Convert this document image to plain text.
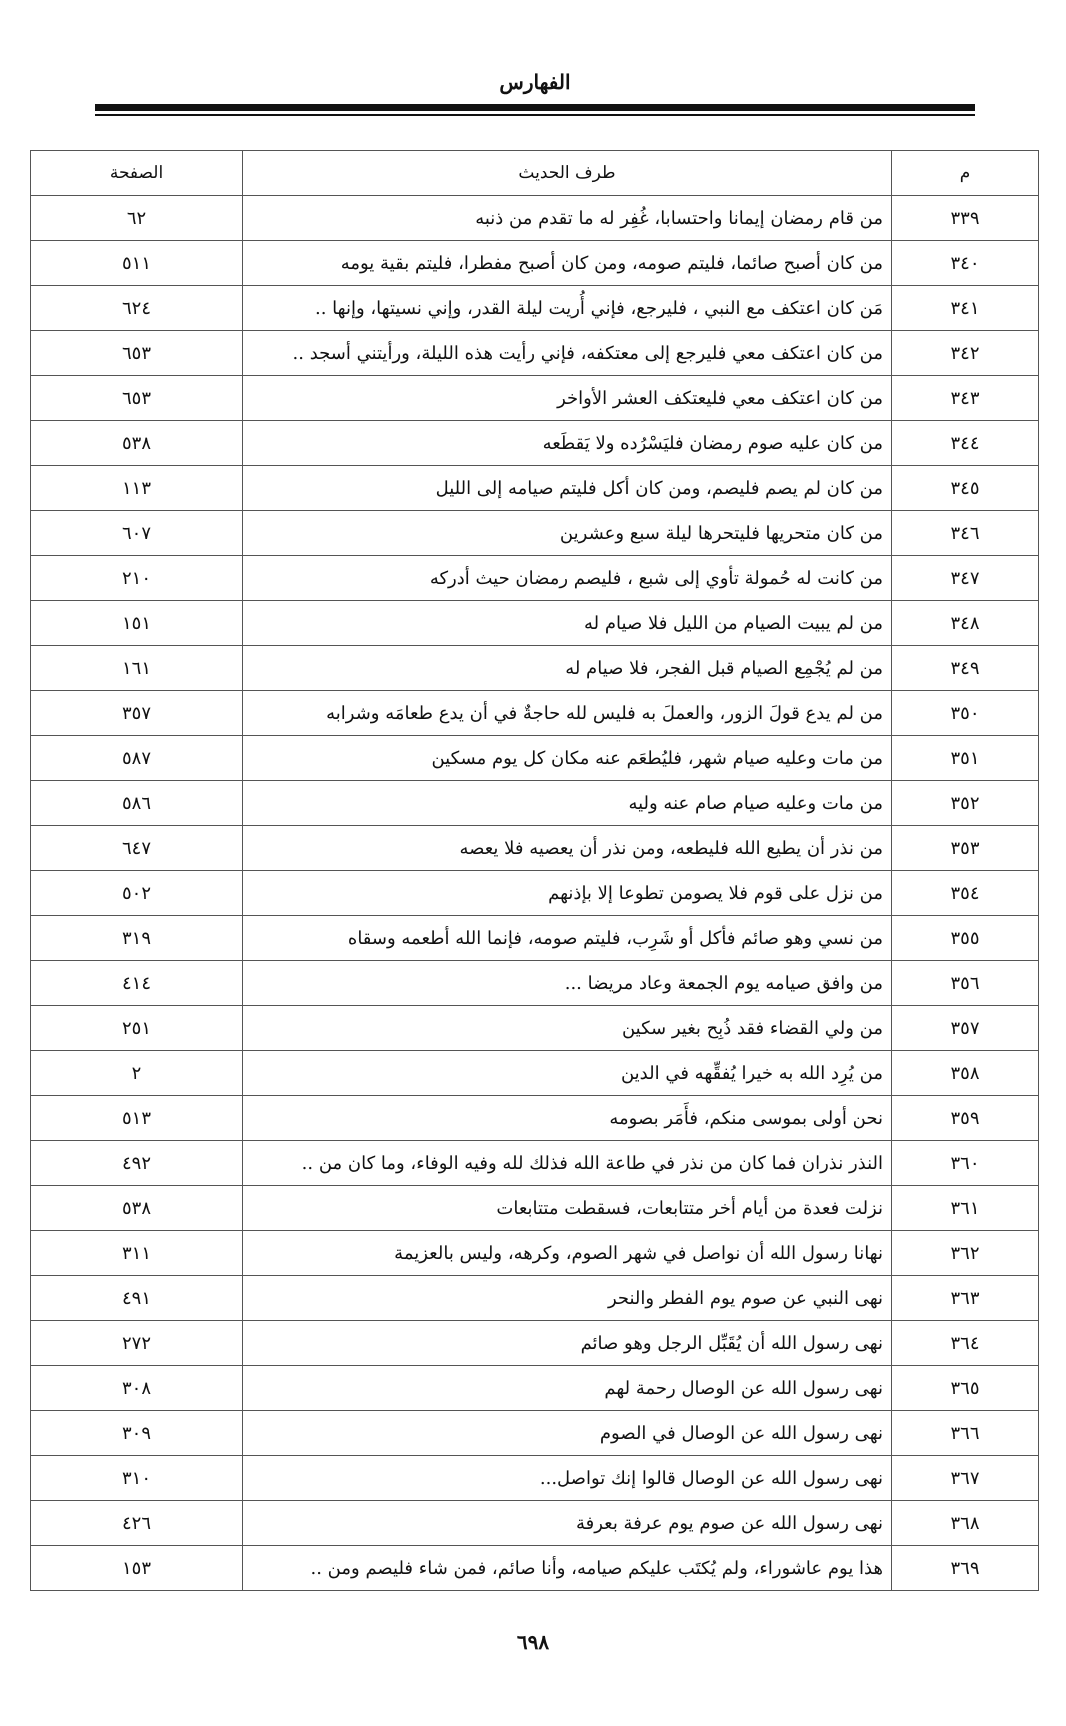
الفهارس
م	طرف الحديث	الصفحة
٣٣٩	من قام رمضان إيمانا واحتسابا، غُفِر له ما تقدم من ذنبه	٦٢
٣٤٠	من كان أصبح صائما، فليتم صومه، ومن كان أصبح مفطرا، فليتم بقية يومه	٥١١
٣٤١	مَن كان اعتكف مع النبي ، فليرجع، فإني أُريت ليلة القدر، وإني نسيتها، وإنها ..	٦٢٤
٣٤٢	من كان اعتكف معي فليرجع إلى معتكفه، فإني رأيت هذه الليلة، ورأيتني أسجد ..	٦٥٣
٣٤٣	من كان اعتكف معي فليعتكف العشر الأواخر	٦٥٣
٣٤٤	من كان عليه صوم رمضان فليَسْرُده ولا يَقطَعه	٥٣٨
٣٤٥	من كان لم يصم فليصم، ومن كان أكل فليتم صيامه إلى الليل	١١٣
٣٤٦	من كان متحريها فليتحرها ليلة سبع وعشرين	٦٠٧
٣٤٧	من كانت له حُمولة تأوي إلى شبع ، فليصم رمضان حيث أدركه	٢١٠
٣٤٨	من لم يبيت الصيام من الليل فلا صيام له	١٥١
٣٤٩	من لم يُجْمِع الصيام قبل الفجر، فلا صيام له	١٦١
٣٥٠	من لم يدع قولَ الزور، والعملَ به فليس لله حاجةٌ في أن يدع طعامَه وشرابه	٣٥٧
٣٥١	من مات وعليه صيام شهر، فليُطعَم عنه مكان كل يوم مسكين	٥٨٧
٣٥٢	من مات وعليه صيام صام عنه وليه	٥٨٦
٣٥٣	من نذر أن يطيع الله فليطعه، ومن نذر أن يعصيه فلا يعصه	٦٤٧
٣٥٤	من نزل على قوم فلا يصومن تطوعا إلا بإذنهم	٥٠٢
٣٥٥	من نسي وهو صائم فأكل أو شَرِب، فليتم صومه، فإنما الله أطعمه وسقاه	٣١٩
٣٥٦	من وافق صيامه يوم الجمعة وعاد مريضا ...	٤١٤
٣٥٧	من ولي القضاء فقد ذُبِح بغير سكين	٢٥١
٣٥٨	من يُرِد الله به خيرا يُفقِّهه في الدين	٢
٣٥٩	نحن أولى بموسى منكم، فأَمَر بصومه	٥١٣
٣٦٠	النذر نذران فما كان من نذر في طاعة الله فذلك لله وفيه الوفاء، وما كان من ..	٤٩٢
٣٦١	نزلت فعدة من أيام أخر متتابعات، فسقطت متتابعات	٥٣٨
٣٦٢	نهانا رسول الله أن نواصل في شهر الصوم، وكرهه، وليس بالعزيمة	٣١١
٣٦٣	نهى النبي عن صوم يوم الفطر والنحر	٤٩١
٣٦٤	نهى رسول الله أن يُقَبِّل الرجل وهو صائم	٢٧٢
٣٦٥	نهى رسول الله عن الوصال رحمة لهم	٣٠٨
٣٦٦	نهى رسول الله عن الوصال في الصوم	٣٠٩
٣٦٧	نهى رسول الله عن الوصال قالوا إنك تواصل...	٣١٠
٣٦٨	نهى رسول الله عن صوم يوم عرفة بعرفة	٤٢٦
٣٦٩	هذا يوم عاشوراء، ولم يُكتَب عليكم صيامه، وأنا صائم، فمن شاء فليصم ومن ..	١٥٣
٦٩٨
